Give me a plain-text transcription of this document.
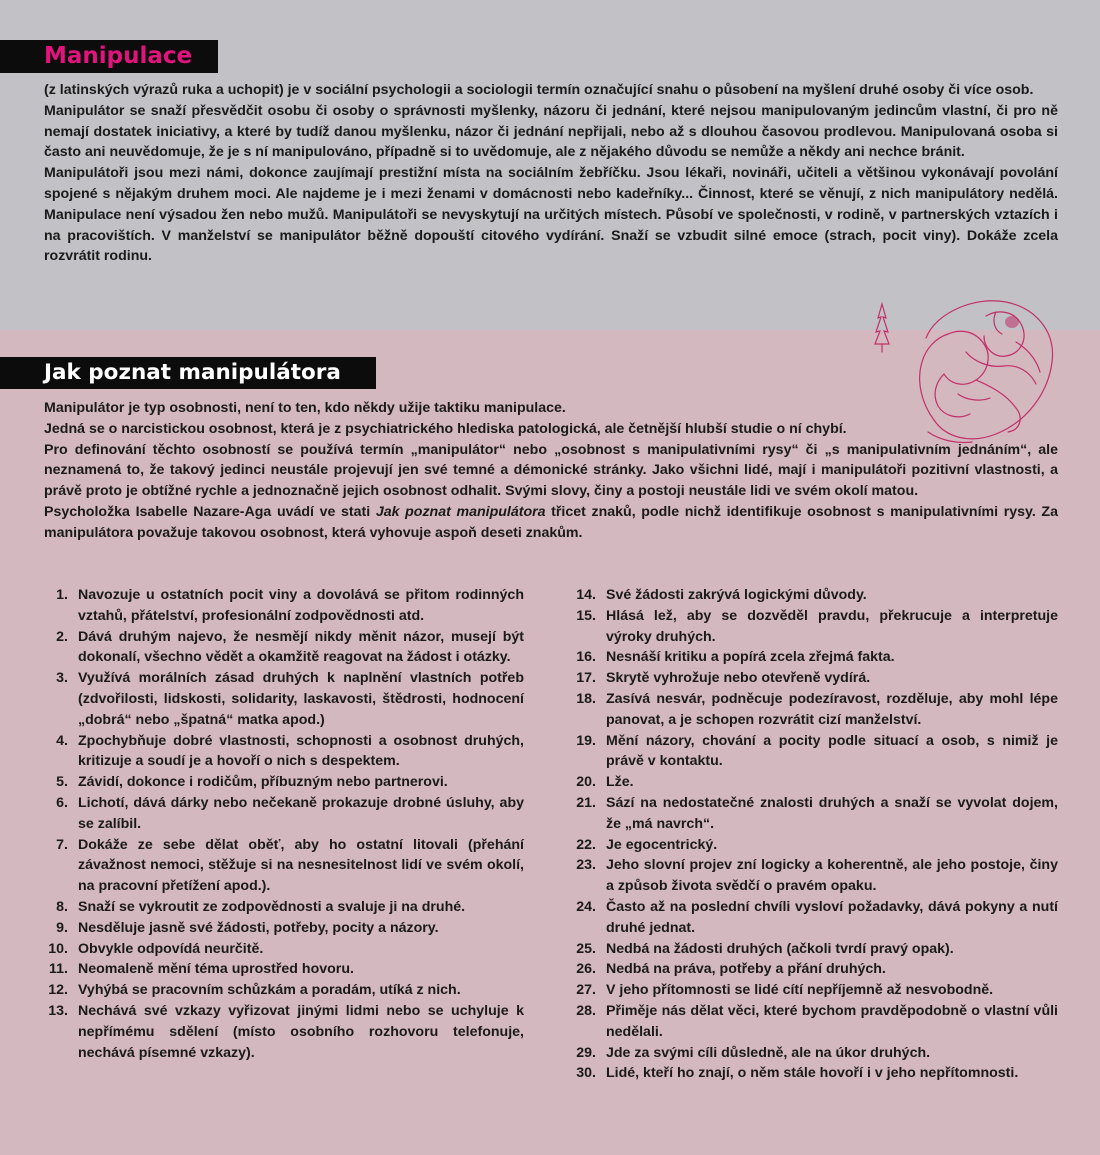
Manipulace

(z latinských výrazů ruka a uchopit) je v sociální psychologii a sociologii termín označující snahu o působení na myšlení druhé osoby či více osob.

Manipulátor se snaží přesvědčit osobu či osoby o správnosti myšlenky, názoru či jednání, které nejsou manipulovaným jedincům vlastní, či pro ně nemají dostatek iniciativy, a které by tudíž danou myšlenku, názor či jednání nepřijali, nebo až s dlouhou časovou prodlevou. Manipulovaná osoba si často ani neuvědomuje, že je s ní manipulováno, případně si to uvědomuje, ale z nějakého důvodu se nemůže a někdy ani nechce bránit.

Manipulátoři jsou mezi námi, dokonce zaujímají prestižní místa na sociálním žebříčku. Jsou lékaři, novináři, učiteli a většinou vykonávají povolání spojené s nějakým druhem moci. Ale najdeme je i mezi ženami v domácnosti nebo kadeřníky... Činnost, které se věnují, z nich manipulátory nedělá. Manipulace není výsadou žen nebo mužů. Manipulátoři se nevyskytují na určitých místech. Působí ve společnosti, v rodině, v partnerských vztazích i na pracovištích. V manželství se manipulátor běžně dopouští citového vydírání. Snaží se vzbudit silné emoce (strach, pocit viny). Dokáže zcela rozvrátit rodinu.

Jak poznat manipulátora

Manipulátor je typ osobnosti, není to ten, kdo někdy užije taktiku manipulace.

Jedná se o narcistickou osobnost, která je z psychiatrického hlediska patologická, ale četnější hlubší studie o ní chybí.

Pro definování těchto osobností se používá termín „manipulátor“ nebo „osobnost s manipulativními rysy“ či „s manipulativním jednáním“, ale neznamená to, že takový jedinci neustále projevují jen své temné a démonické stránky. Jako všichni lidé, mají i manipulátoři pozitivní vlastnosti, a právě proto je obtížné rychle a jednoznačně jejich osobnost odhalit. Svými slovy, činy a postoji neustále lidi ve svém okolí matou.

Psycholožka Isabelle Nazare-Aga uvádí ve stati Jak poznat manipulátora třicet znaků, podle nichž identifikuje osobnost s manipulativními rysy. Za manipulátora považuje takovou osobnost, která vyhovuje aspoň deseti znakům.

1. Navozuje u ostatních pocit viny a dovolává se přitom rodinných vztahů, přátelství, profesionální zodpovědnosti atd.
2. Dává druhým najevo, že nesmějí nikdy měnit názor, musejí být dokonalí, všechno vědět a okamžitě reagovat na žádost i otázky.
3. Využívá morálních zásad druhých k naplnění vlastních potřeb (zdvořilosti, lidskosti, solidarity, laskavosti, štědrosti, hodnocení „dobrá“ nebo „špatná“ matka apod.)
4. Zpochybňuje dobré vlastnosti, schopnosti a osobnost druhých, kritizuje a soudí je a hovoří o nich s despektem.
5. Závidí, dokonce i rodičům, příbuzným nebo partnerovi.
6. Lichotí, dává dárky nebo nečekaně prokazuje drobné úsluhy, aby se zalíbil.
7. Dokáže ze sebe dělat oběť, aby ho ostatní litovali (přehání závažnost nemoci, stěžuje si na nesnesitelnost lidí ve svém okolí, na pracovní přetížení apod.).
8. Snaží se vykroutit ze zodpovědnosti a svaluje ji na druhé.
9. Nesděluje jasně své žádosti, potřeby, pocity a názory.
10. Obvykle odpovídá neurčitě.
11. Neomaleně mění téma uprostřed hovoru.
12. Vyhýbá se pracovním schůzkám a poradám, utíká z nich.
13. Nechává své vzkazy vyřizovat jinými lidmi nebo se uchyluje k nepřímému sdělení (místo osobního rozhovoru telefonuje, nechává písemné vzkazy).
14. Své žádosti zakrývá logickými důvody.
15. Hlásá lež, aby se dozvěděl pravdu, překrucuje a interpretuje výroky druhých.
16. Nesnáší kritiku a popírá zcela zřejmá fakta.
17. Skrytě vyhrožuje nebo otevřeně vydírá.
18. Zasívá nesvár, podněcuje podezíravost, rozděluje, aby mohl lépe panovat, a je schopen rozvrátit cizí manželství.
19. Mění názory, chování a pocity podle situací a osob, s nimiž je právě v kontaktu.
20. Lže.
21. Sází na nedostatečné znalosti druhých a snaží se vyvolat dojem, že „má navrch“.
22. Je egocentrický.
23. Jeho slovní projev zní logicky a koherentně, ale jeho postoje, činy a způsob života svědčí o pravém opaku.
24. Často až na poslední chvíli vysloví požadavky, dává pokyny a nutí druhé jednat.
25. Nedbá na žádosti druhých (ačkoli tvrdí pravý opak).
26. Nedbá na práva, potřeby a přání druhých.
27. V jeho přítomnosti se lidé cítí nepříjemně až nesvobodně.
28. Přiměje nás dělat věci, které bychom pravděpodobně o vlastní vůli nedělali.
29. Jde za svými cíli důsledně, ale na úkor druhých.
30. Lidé, kteří ho znají, o něm stále hovoří i v jeho nepřítomnosti.
